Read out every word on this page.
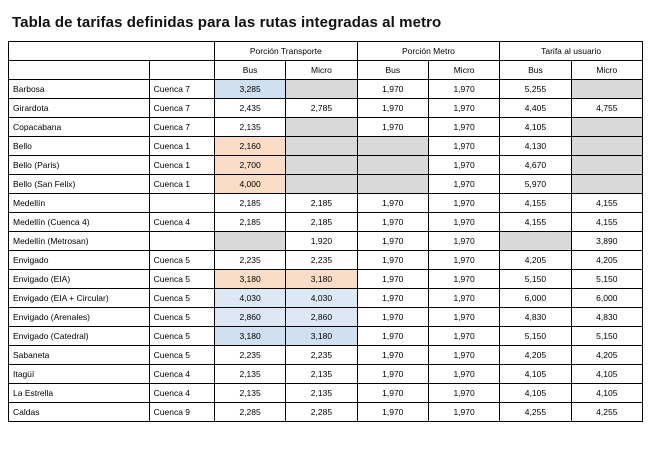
Tabla de tarifas definidas para las rutas integradas al metro
		Porción Transporte		Porción Metro		Tarifa al usuario	
		Bus	Micro	Bus	Micro	Bus	Micro
Barbosa	Cuenca 7	3,285		1,970	1,970	5,255	
Girardota	Cuenca 7	2,435	2,785	1,970	1,970	4,405	4,755
Copacabana	Cuenca 7	2,135		1,970	1,970	4,105	
Bello	Cuenca 1	2,160			1,970	4,130	
Bello (Paris)	Cuenca 1	2,700			1,970	4,670	
Bello (San Felix)	Cuenca 1	4,000			1,970	5,970	
Medellín		2,185	2,185	1,970	1,970	4,155	4,155
Medellín (Cuenca 4)	Cuenca 4	2,185	2,185	1,970	1,970	4,155	4,155
Medellín (Metrosan)			1,920	1,970	1,970		3,890
Envigado	Cuenca 5	2,235	2,235	1,970	1,970	4,205	4,205
Envigado (EIA)	Cuenca 5	3,180	3,180	1,970	1,970	5,150	5,150
Envigado (EIA + Circular)	Cuenca 5	4,030	4,030	1,970	1,970	6,000	6,000
Envigado (Arenales)	Cuenca 5	2,860	2,860	1,970	1,970	4,830	4,830
Envigado (Catedral)	Cuenca 5	3,180	3,180	1,970	1,970	5,150	5,150
Sabaneta	Cuenca 5	2,235	2,235	1,970	1,970	4,205	4,205
Itagüí	Cuenca 4	2,135	2,135	1,970	1,970	4,105	4,105
La Estrella	Cuenca 4	2,135	2,135	1,970	1,970	4,105	4,105
Caldas	Cuenca 9	2,285	2,285	1,970	1,970	4,255	4,255
